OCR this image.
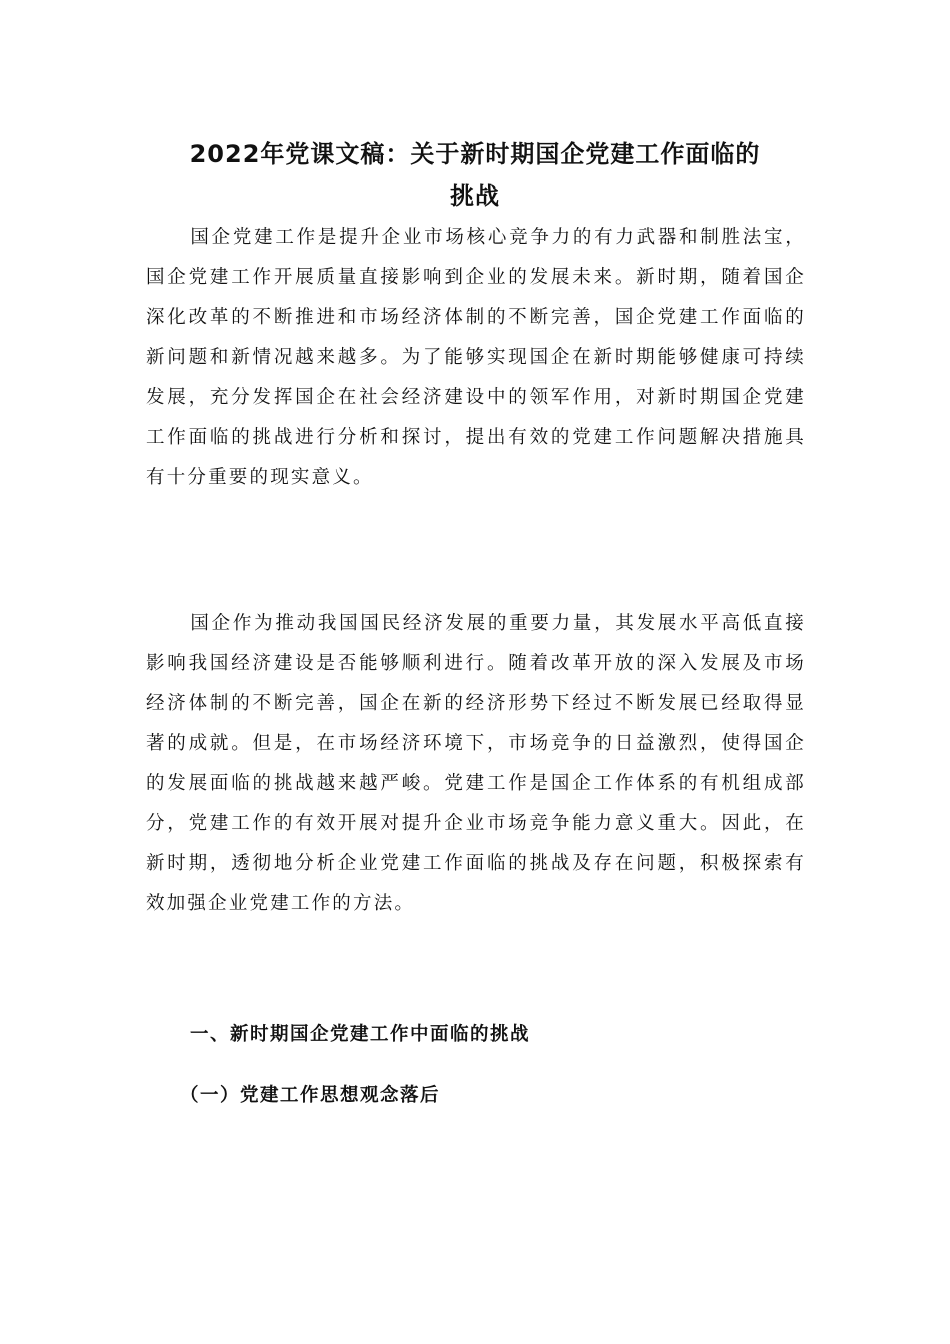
2022年党课文稿：关于新时期国企党建工作面临的
挑战
国企党建工作是提升企业市场核心竞争力的有力武器和制胜法宝，国企党建工作开展质量直接影响到企业的发展未来。新时期，随着国企深化改革的不断推进和市场经济体制的不断完善，国企党建工作面临的新问题和新情况越来越多。为了能够实现国企在新时期能够健康可持续发展，充分发挥国企在社会经济建设中的领军作用，对新时期国企党建工作面临的挑战进行分析和探讨，提出有效的党建工作问题解决措施具有十分重要的现实意义。
国企作为推动我国国民经济发展的重要力量，其发展水平高低直接影响我国经济建设是否能够顺利进行。随着改革开放的深入发展及市场经济体制的不断完善，国企在新的经济形势下经过不断发展已经取得显著的成就。但是，在市场经济环境下，市场竞争的日益激烈，使得国企的发展面临的挑战越来越严峻。党建工作是国企工作体系的有机组成部分，党建工作的有效开展对提升企业市场竞争能力意义重大。因此，在新时期，透彻地分析企业党建工作面临的挑战及存在问题，积极探索有效加强企业党建工作的方法。
一、新时期国企党建工作中面临的挑战
（一）党建工作思想观念落后
